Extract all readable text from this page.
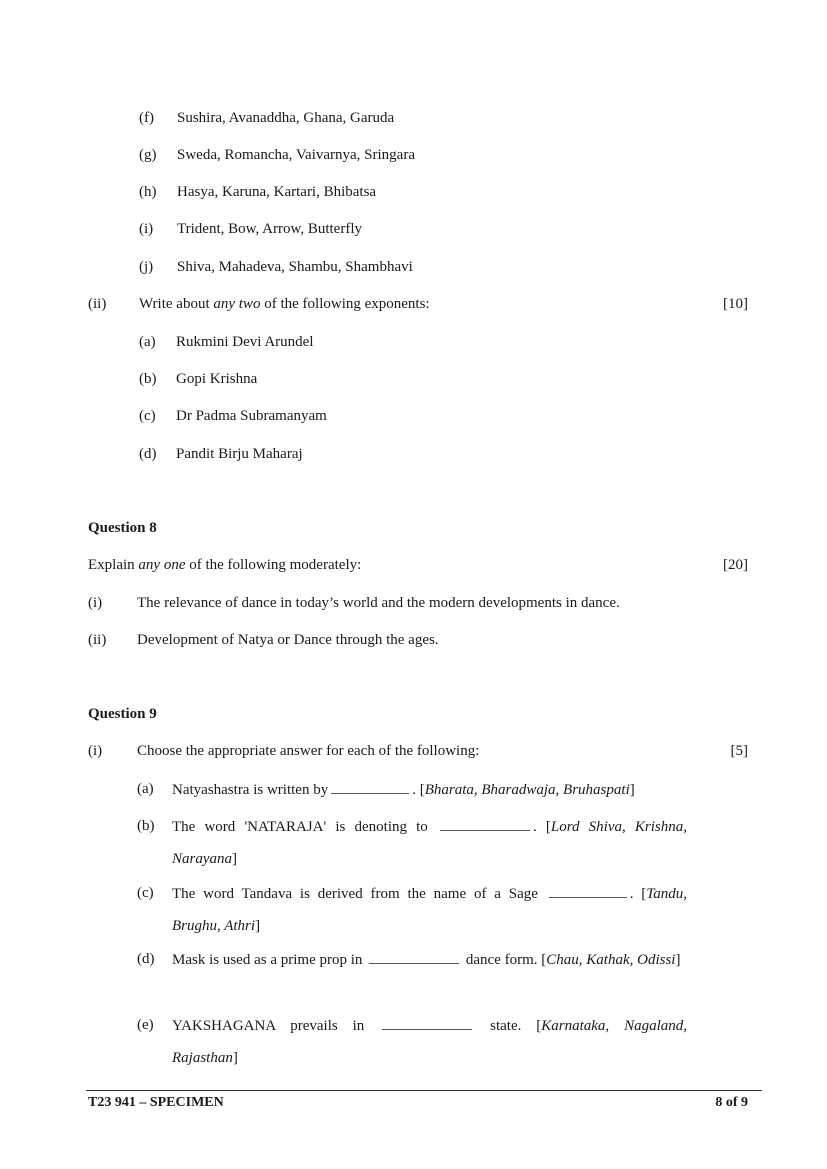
(f) Sushira, Avanaddha, Ghana, Garuda
(g) Sweda, Romancha, Vaivarnya, Sringara
(h) Hasya, Karuna, Kartari, Bhibatsa
(i) Trident, Bow, Arrow, Butterfly
(j) Shiva, Mahadeva, Shambu, Shambhavi
(ii) Write about any two of the following exponents:	[10]
(a) Rukmini Devi Arundel
(b) Gopi Krishna
(c) Dr Padma Subramanyam
(d) Pandit Birju Maharaj
Question 8
Explain any one of the following moderately:	[20]
(i) The relevance of dance in today’s world and the modern developments in dance.
(ii) Development of Natya or Dance through the ages.
Question 9
(i) Choose the appropriate answer for each of the following:	[5]
(a) Natyashastra is written by	. [Bharata, Bharadwaja, Bruhaspati]
(b) The word 'NATARAJA' is denoting to	. [Lord Shiva, Krishna, Narayana]
(c) The word Tandava is derived from the name of a Sage	. [Tandu, Brughu, Athri]
(d) Mask is used as a prime prop in	dance form. [Chau, Kathak, Odissi]
(e) YAKSHAGANA prevails in	state. [Karnataka, Nagaland, Rajasthan]
T23 941 – SPECIMEN	8 of 9
